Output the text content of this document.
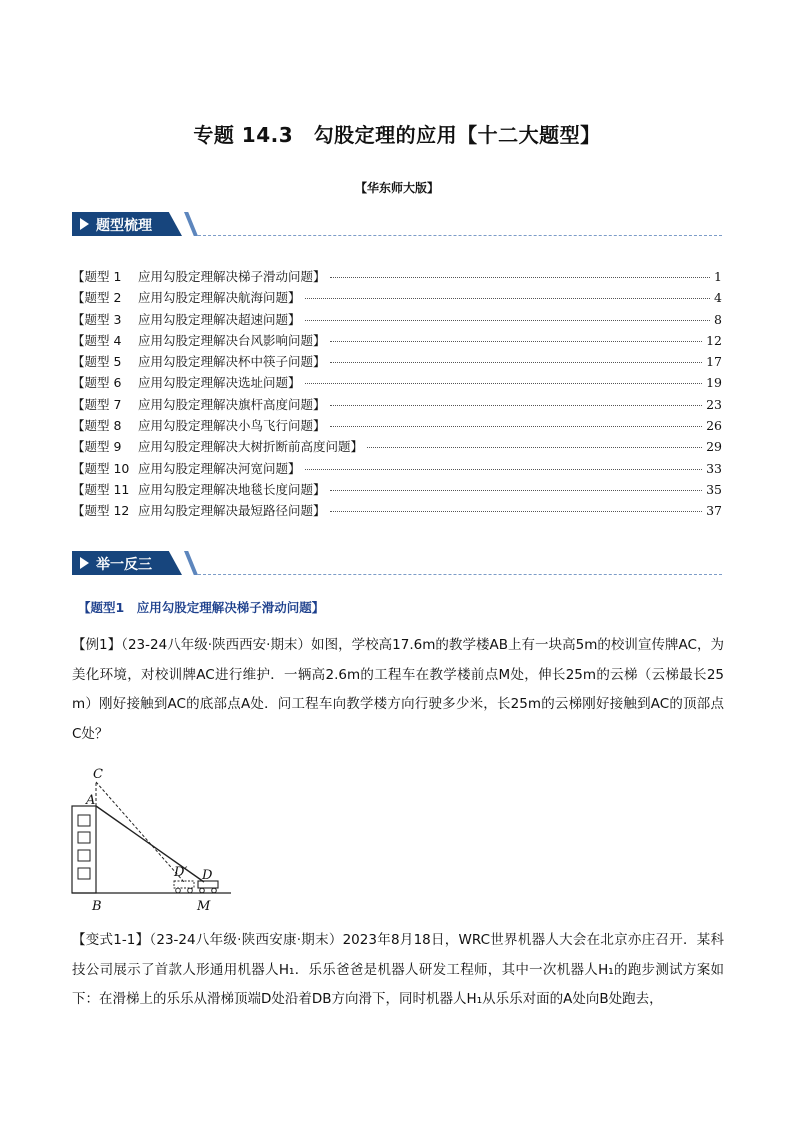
专题 14.3　勾股定理的应用【十二大题型】
【华东师大版】
题型梳理
【题型 1	应用勾股定理解决梯子滑动问题】	1
【题型 2	应用勾股定理解决航海问题】	4
【题型 3	应用勾股定理解决超速问题】	8
【题型 4	应用勾股定理解决台风影响问题】	12
【题型 5	应用勾股定理解决杯中筷子问题】	17
【题型 6	应用勾股定理解决选址问题】	19
【题型 7	应用勾股定理解决旗杆高度问题】	23
【题型 8	应用勾股定理解决小鸟飞行问题】	26
【题型 9	应用勾股定理解决大树折断前高度问题】	29
【题型 10 应用勾股定理解决河宽问题】	33
【题型 11 应用勾股定理解决地毯长度问题】	35
【题型 12 应用勾股定理解决最短路径问题】	37
举一反三
【题型1　应用勾股定理解决梯子滑动问题】
【例1】（23-24八年级·陕西西安·期末）如图，学校高17.6m的教学楼AB上有一块高5m的校训宣传牌AC，为美化环境，对校训牌AC进行维护．一辆高2.6m的工程车在教学楼前点M处，伸长25m的云梯（云梯最长25 m）刚好接触到AC的底部点A处．问工程车向教学楼方向行驶多少米，长25m的云梯刚好接触到AC的顶部点C处？
C
A
B
D′ D
M
【变式1-1】（23-24八年级·陕西安康·期末）2023年8月18日，WRC世界机器人大会在北京亦庄召开．某科技公司展示了首款人形通用机器人H₁．乐乐爸爸是机器人研发工程师，其中一次机器人H₁的跑步测试方案如下：在滑梯上的乐乐从滑梯顶端D处沿着DB方向滑下，同时机器人H₁从乐乐对面的A处向B处跑去，
